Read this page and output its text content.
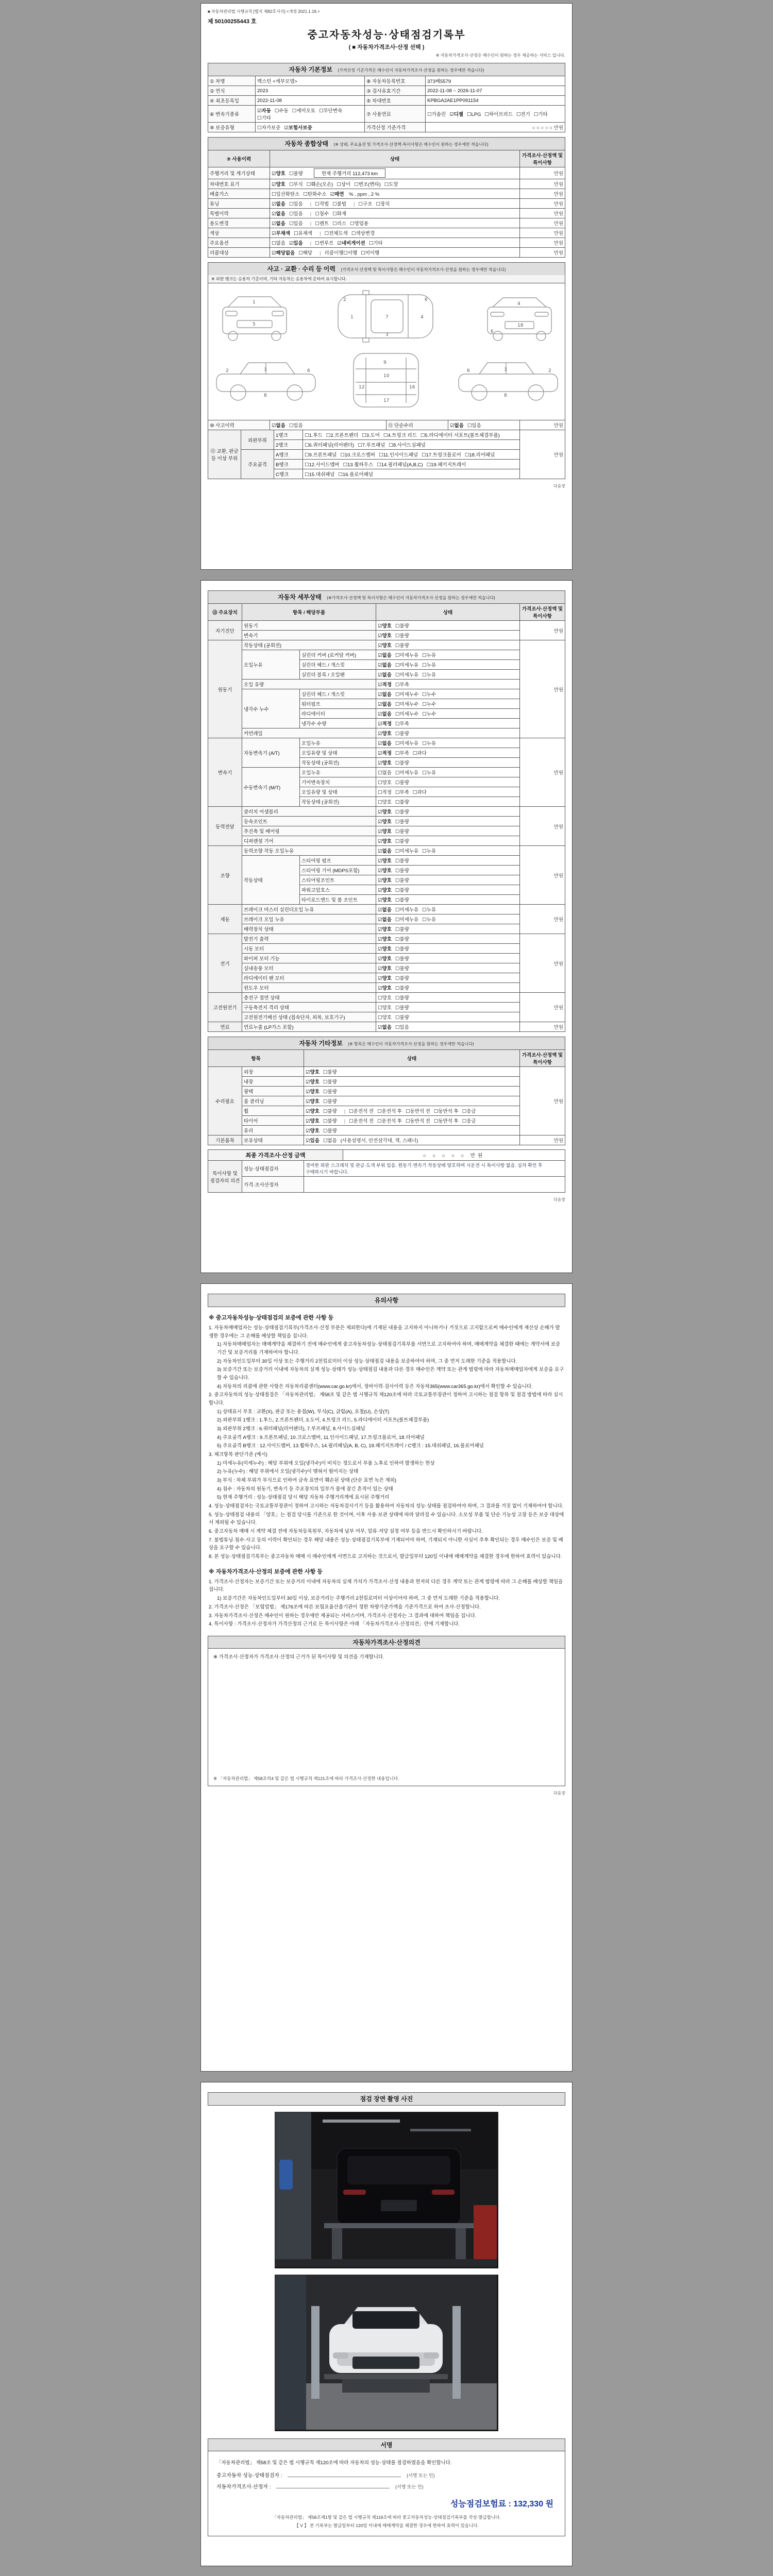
■ 자동차관리법 시행규칙 [별지 제82호서식] <개정 2021.1.19.>
제 50100255443 호
중고자동차성능·상태점검기록부
( ■ 자동차가격조사·산정 선택 )
※ 자동차가격조사·산정은 매수인이 원하는 경우 제공하는 서비스 입니다.
자동차 기본정보 (가격산정 기준가격은 매수인이 자동차가격조사·산정을 원하는 경우에만 적습니다)
① 차명	렉스턴 <세부모델>	⑧ 자동차등록번호	373베5579
② 연식	2023	③ 검사유효기간	2022-11-08 ~ 2026-11-07
④ 최초등록일	2022-11-08	⑤ 차대번호	KPBGA2AE1PP091154
⑥ 변속기종류	☑자동 ☐수동 ☐세미오토 ☐무단변속☐기타	⑦ 사용연료	☐가솔린 ☑디젤 ☐LPG ☐하이브리드 ☐전기 ☐기타
⑨ 보증유형	☐자가보증 ☑보험사보증	가격산정 기준가격	○ ○ ○ ○ ○ 만원
자동차 종합상태 (※ 상태, 주요옵션 및 가격조사·산정액·특이사항은 매수인이 원하는 경우에만 적습니다)
⑨ 사용이력	상태	가격조사·산정액 및 특이사항
주행거리 및 계기상태	☑양호 ☐불량 현재 주행거리 112,473 km	만원
차대번호 표기	☑양호 ☐부식 ☐훼손(오손) ☐상이 ☐변조(변타) ☐도말	만원
배출가스	☐일산화탄소 ☐탄화수소 ☑매연 % , ppm , 2 %	만원
튜닝	☑없음 ☐있음 | ☐적법 ☐불법 | ☐구조 ☐장치	만원
특별이력	☑없음 ☐있음 | ☐침수 ☐화재	만원
용도변경	☑없음 ☐있음 | ☐렌트 ☐리스 ☐영업용	만원
색상	☑무채색 ☐유채색 | ☐전체도색 ☐색상변경	만원
주요옵션	☐없음 ☑있음 | ☐썬루프 ☑네비게이션 ☐기타	만원
리콜대상	☑해당없음 ☐해당 | 리콜이행☐이행 ☐미이행	만원
사고 · 교환 · 수리 등 이력 (가격조사·산정액 및 특이사항은 매수인이 자동차가격조사·산정을 원하는 경우에만 적습니다)
※ 외판 랭크는 승용차 기준이며, 기타 자동차는 승용차에 준하여 표시합니다.
1
5
1	7	4
2	6
3
4
18
6
2	3	6
8
9
10
12	16
17
6	3	2
8
⑩ 사고이력	☑없음 ☐있음	⑪ 단순수리	☑없음 ☐있음	만원
⑫ 교환, 판금 등 이상 부위	외판부위	1랭크	☐1.후드 ☐2.프론트펜더 ☐3.도어 ☐4.트렁크 리드 ☐5.라디에이터 서포트(볼트체결부품)	만원
		2랭크	☐6.쿼터패널(리어펜더) ☐7.루프패널 ☐8.사이드실패널	
	주요골격	A랭크	☐9.프론트패널 ☐10.크로스멤버 ☐11.인사이드패널 ☐17.트렁크플로어 ☐18.리어패널	
		B랭크	☐12.사이드멤버 ☐13.휠하우스 ☐14.필러패널(A,B,C) ☐19.패키지트레이	
		C랭크	☐15.대쉬패널 ☐16.플로어패널	
다음장
자동차 세부상태 (※가격조사·산정액 및 특이사항은 매수인이 자동차가격조사·산정을 원하는 경우에만 적습니다)
⑬ 주요장치	항목 / 해당부품		상태	가격조사·산정액 및 특이사항
자기진단	원동기		☑양호 ☐불량	만원
	변속기		☑양호 ☐불량	
원동기	작동상태 (공회전)		☑양호 ☐불량	만원
	오일누유	실린더 커버 (로커암 커버)	☑없음 ☐미세누유 ☐누유	
		실린더 헤드 / 개스킷	☑없음 ☐미세누유 ☐누유	
		실린더 블록 / 오일팬	☑없음 ☐미세누유 ☐누유	
	오일 유량		☑적정 ☐부족	
	냉각수 누수	실린더 헤드 / 개스킷	☑없음 ☐미세누수 ☐누수	
		워터펌프	☑없음 ☐미세누수 ☐누수	
		라디에이터	☑없음 ☐미세누수 ☐누수	
		냉각수 수량	☑적정 ☐부족	
	커먼레일		☑양호 ☐불량	
변속기	자동변속기 (A/T)	오일누유	☑없음 ☐미세누유 ☐누유	만원
		오일유량 및 상태	☑적정 ☐부족 ☐과다	
		작동상태 (공회전)	☑양호 ☐불량	
	수동변속기 (M/T)	오일누유	☐없음 ☐미세누유 ☐누유	
		기어변속장치	☐양호 ☐불량	
		오일유량 및 상태	☐적정 ☐부족 ☐과다	
		작동상태 (공회전)	☐양호 ☐불량	
동력전달	클러치 어셈블리		☑양호 ☐불량	만원
	등속조인트		☑양호 ☐불량	
	추진축 및 베어링		☑양호 ☐불량	
	디퍼렌셜 기어		☑양호 ☐불량	
조향	동력조향 작동 오일누유		☑없음 ☐미세누유 ☐누유	만원
	작동상태	스티어링 펌프	☑양호 ☐불량	
		스티어링 기어 (MDPS포함)	☑양호 ☐불량	
		스티어링조인트	☑양호 ☐불량	
		파워고압호스	☑양호 ☐불량	
		타이로드엔드 및 볼 조인트	☑양호 ☐불량	
제동	브레이크 마스터 실린더오일 누유		☑없음 ☐미세누유 ☐누유	만원
	브레이크 오일 누유		☑없음 ☐미세누유 ☐누유	
	배력장치 상태		☑양호 ☐불량	
전기	발전기 출력		☑양호 ☐불량	만원
	시동 모터		☑양호 ☐불량	
	와이퍼 모터 기능		☑양호 ☐불량	
	실내송풍 모터		☑양호 ☐불량	
	라디에이터 팬 모터		☑양호 ☐불량	
	윈도우 모터		☑양호 ☐불량	
고전원전기	충전구 절연 상태		☐양호 ☐불량	만원
	구동축전지 격리 상태		☐양호 ☐불량	
	고전원전기배선 상태 (접속단자, 피복, 보호기구)		☐양호 ☐불량	
연료	연료누출 (LP가스 포함)		☑없음 ☐있음	만원
자동차 기타정보 (※ 항목은 매수인이 자동차가격조사·산정을 원하는 경우에만 적습니다)
항목		상태	가격조사·산정액 및 특이사항
수리필요	외장	☑양호 ☐불량	만원
	내장	☑양호 ☐불량	
	광택	☑양호 ☐불량	
	룸 클리닝	☑양호 ☐불량	
	휠	☑양호 ☐불량 | ☐운전석 전 ☐운전석 후 ☐동반석 전 ☐동반석 후 ☐응급	
	타이어	☑양호 ☐불량 | ☐운전석 전 ☐운전석 후 ☐동반석 전 ☐동반석 후 ☐응급	
	유리	☑양호 ☐불량	
기본품목	보유상태	☑있음 ☐없음 (사용설명서, 안전삼각대, 잭, 스패너)	만원
최종 가격조사·산정 금액	○ ○ ○ ○ ○ 만원
특이사항 및 점검자의 의견	성능·상태점검자	경미한 외판 스크래치 및 판금·도색 부위 있음. 원동기·변속기 작동상태 양호하며 시운전 시 특이사항 없음. 실차 확인 후 구매하시기 바랍니다.
	가격·조사산정자	
다음장
유의사항
※ 중고자동차성능·상태점검의 보증에 관한 사항 등
1. 자동차매매업자는 성능·상태점검기록부(가격조사·산정 부분은 제외한다)에 기재된 내용을 고지하지 아니하거나 거짓으로 고지함으로써 매수인에게 재산상 손해가 발생한 경우에는 그 손해를 배상할 책임을 집니다.
1) 자동차매매업자는 매매계약을 체결하기 전에 매수인에게 중고자동차성능·상태점검기록부를 서면으로 고지하여야 하며, 매매계약을 체결한 때에는 계약서에 보증기간 및 보증거리를 기재하여야 합니다.
2) 자동차인도일부터 30일 이상 또는 주행거리 2천킬로미터 이상 성능·상태점검 내용을 보증하여야 하며, 그 중 먼저 도래한 기준을 적용합니다.
3) 보증기간 또는 보증거리 이내에 자동차의 실제 성능·상태가 성능·상태점검 내용과 다른 경우 매수인은 계약 또는 관계 법령에 따라 자동차매매업자에게 보증을 요구할 수 있습니다.
4) 자동차의 리콜에 관한 사항은 자동차리콜센터(www.car.go.kr)에서, 정비이력·검사이력 등은 자동차365(www.car365.go.kr)에서 확인할 수 있습니다.
2. 중고자동차의 성능·상태점검은 「자동차관리법」 제58조 및 같은 법 시행규칙 제120조에 따라 국토교통부장관이 정하여 고시하는 점검 항목 및 점검 방법에 따라 실시합니다.
1) 상태표시 부호 : 교환(X), 판금 또는 용접(W), 부식(C), 긁힘(A), 요철(U), 손상(T)
2) 외판부위 1랭크 : 1.후드, 2.프론트펜더, 3.도어, 4.트렁크 리드, 5.라디에이터 서포트(볼트체결부품)
3) 외판부위 2랭크 : 6.쿼터패널(리어펜더), 7.루프패널, 8.사이드실패널
4) 주요골격 A랭크 : 9.프론트패널, 10.크로스멤버, 11.인사이드패널, 17.트렁크플로어, 18.리어패널
5) 주요골격 B랭크 : 12.사이드멤버, 13.휠하우스, 14.필러패널(A, B, C), 19.패키지트레이 / C랭크 : 15.대쉬패널, 16.플로어패널
3. 체크항목 판단기준 (예시)
1) 미세누유(미세누수) : 해당 부위에 오일(냉각수)이 비치는 정도로서 부품 노후로 인하여 발생하는 현상
2) 누유(누수) : 해당 부위에서 오일(냉각수)이 맺혀서 떨어지는 상태
3) 부식 : 차체 부위가 부식으로 인하여 금속 표면이 훼손된 상태 (단순 표면 녹은 제외)
4) 침수 : 자동차의 원동기, 변속기 등 주요장치의 일부가 물에 잠긴 흔적이 있는 상태
5) 현재 주행거리 : 성능·상태점검 당시 해당 자동차 주행거리계에 표시된 주행거리
4. 성능·상태점검자는 국토교통부장관이 정하여 고시하는 자동차검사기기 등을 활용하여 자동차의 성능·상태를 점검하여야 하며, 그 결과를 거짓 없이 기재하여야 합니다.
5. 성능·상태점검 내용의 「양호」는 점검 당시를 기준으로 한 것이며, 이후 사용·보관 상태에 따라 달라질 수 있습니다. 소모성 부품 및 단순 기능성 고장 등은 보증 대상에서 제외될 수 있습니다.
6. 중고자동차 매매 시 계약 체결 전에 자동차등록원부, 자동차세 납부 여부, 압류·저당 설정 여부 등을 반드시 확인하시기 바랍니다.
7. 불법튜닝·침수·사고 등의 이력이 확인되는 경우 해당 내용은 성능·상태점검기록부에 기재되어야 하며, 기재되지 아니한 사실이 추후 확인되는 경우 매수인은 보증 및 배상을 요구할 수 있습니다.
8. 본 성능·상태점검기록부는 중고자동차 매매 시 매수인에게 서면으로 고지하는 것으로서, 발급일부터 120일 이내에 매매계약을 체결한 경우에 한하여 효력이 있습니다.
※ 자동차가격조사·산정의 보증에 관한 사항 등
1. 가격조사·산정자는 보증기간 또는 보증거리 이내에 자동차의 실제 가치가 가격조사·산정 내용과 현저히 다른 경우 계약 또는 관계 법령에 따라 그 손해를 배상할 책임을 집니다.
1) 보증기간은 자동차인도일부터 30일 이상, 보증거리는 주행거리 2천킬로미터 이상이어야 하며, 그 중 먼저 도래한 기준을 적용합니다.
2. 가격조사·산정은 「보험업법」 제176조에 따른 보험요율산출기관이 정한 차량기준가액을 기준가격으로 하여 조사·산정합니다.
3. 자동차가격조사·산정은 매수인이 원하는 경우에만 제공되는 서비스이며, 가격조사·산정자는 그 결과에 대하여 책임을 집니다.
4. 특이사항 : 가격조사·산정자가 가격산정의 근거로 든 특이사항은 아래 「자동차가격조사·산정의견」란에 기재합니다.
자동차가격조사·산정의견
※ 가격조사·산정자가 가격조사·산정의 근거가 된 특이사항 및 의견을 기재합니다.
※ 「자동차관리법」 제58조의4 및 같은 법 시행규칙 제121조에 따라 가격조사·산정한 내용입니다.
다음장
점검 장면 촬영 사진
서명
「자동차관리법」 제58조 및 같은 법 시행규칙 제120조에 따라 자동차의 성능·상태를 점검하였음을 확인합니다.
중고자동차 성능·상태점검자 :	(서명 또는 인)
자동차가격조사·산정자 :	(서명 또는 인)
성능점검보험료 : 132,330 원
「자동차관리법」 제58조제1항 및 같은 법 시행규칙 제119조에 따라 중고자동차성능·상태점검기록부를 작성·발급합니다.
【 V 】 본 기록부는 발급일부터 120일 이내에 매매계약을 체결한 경우에 한하여 효력이 있습니다.
